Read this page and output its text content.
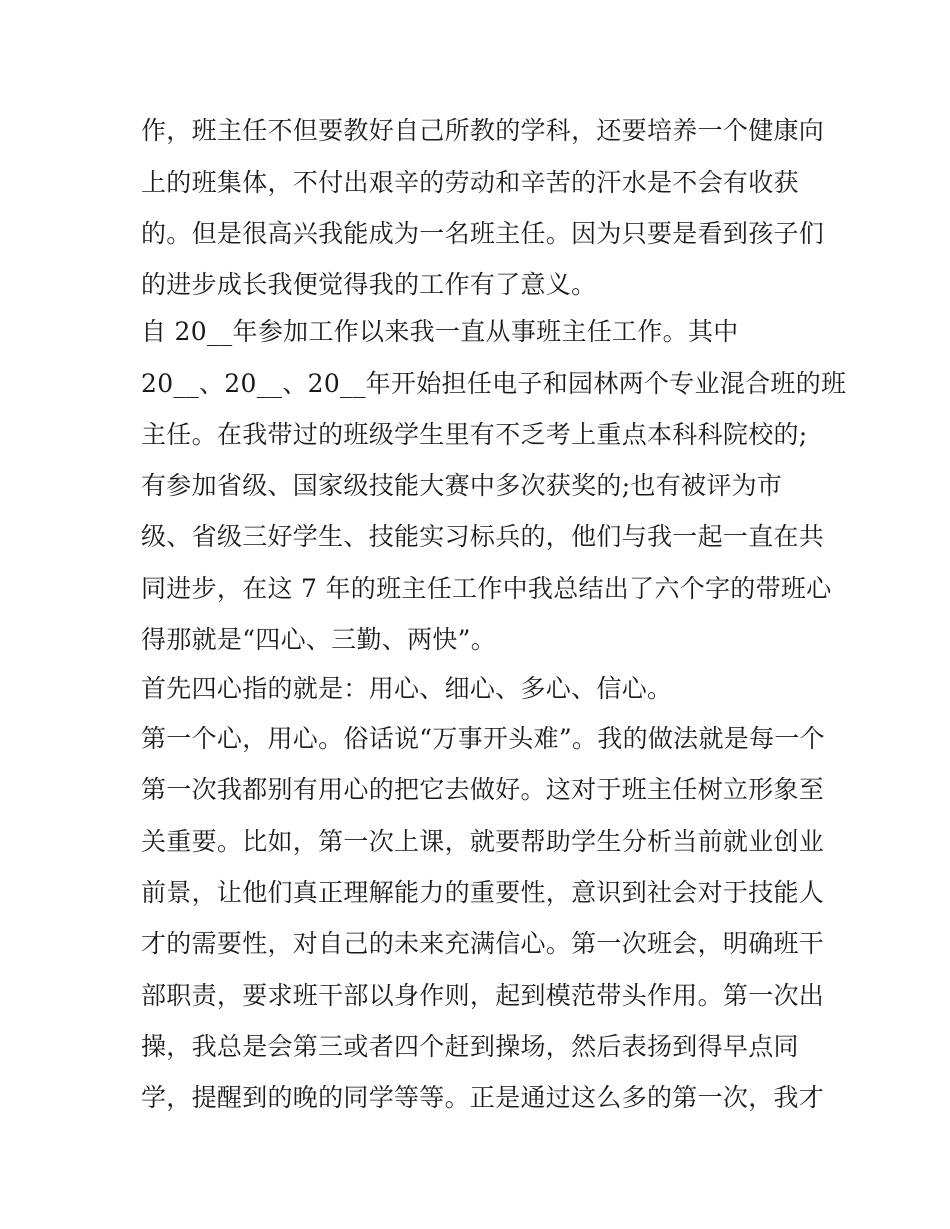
作，班主任不但要教好自己所教的学科，还要培养一个健康向
上的班集体，不付出艰辛的劳动和辛苦的汗水是不会有收获
的。但是很高兴我能成为一名班主任。因为只要是看到孩子们
的进步成长我便觉得我的工作有了意义。
自 20__年参加工作以来我一直从事班主任工作。其中
20__、20__、20__年开始担任电子和园林两个专业混合班的班
主任。在我带过的班级学生里有不乏考上重点本科科院校的;
有参加省级、国家级技能大赛中多次获奖的;也有被评为市
级、省级三好学生、技能实习标兵的，他们与我一起一直在共
同进步，在这 7 年的班主任工作中我总结出了六个字的带班心
得那就是“四心、三勤、两快”。
首先四心指的就是：用心、细心、多心、信心。
第一个心，用心。俗话说“万事开头难”。我的做法就是每一个
第一次我都别有用心的把它去做好。这对于班主任树立形象至
关重要。比如，第一次上课，就要帮助学生分析当前就业创业
前景，让他们真正理解能力的重要性，意识到社会对于技能人
才的需要性，对自己的未来充满信心。第一次班会，明确班干
部职责，要求班干部以身作则，起到模范带头作用。第一次出
操，我总是会第三或者四个赶到操场，然后表扬到得早点同
学，提醒到的晚的同学等等。正是通过这么多的第一次，我才
